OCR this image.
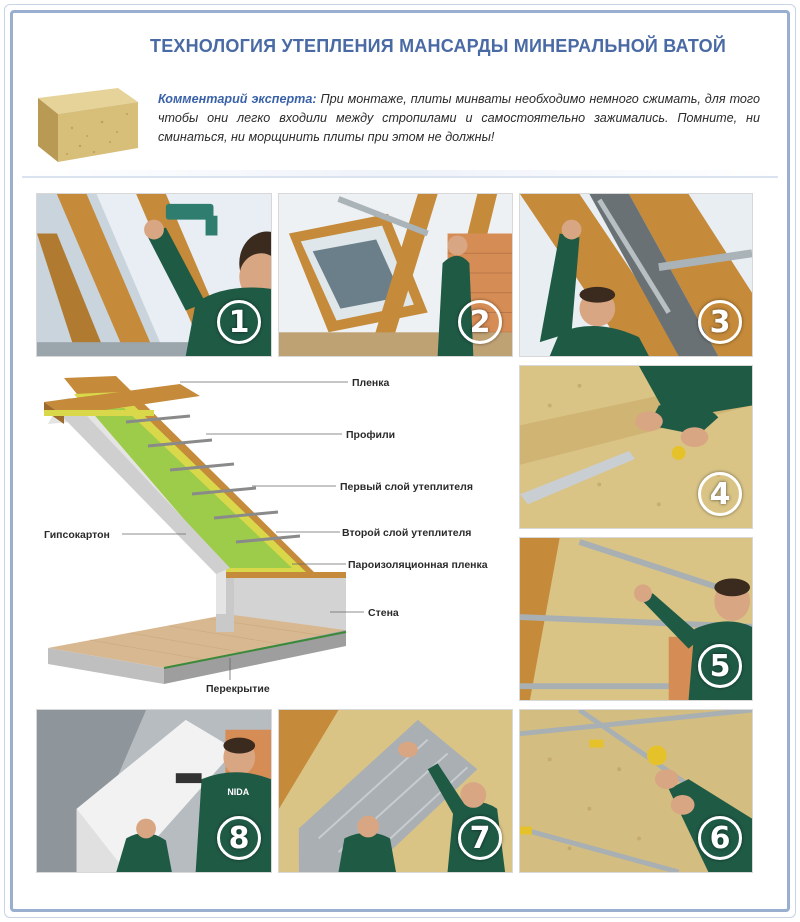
ТЕХНОЛОГИЯ УТЕПЛЕНИЯ МАНСАРДЫ МИНЕРАЛЬНОЙ ВАТОЙ
Комментарий эксперта: При монтаже, плиты минваты необходимо немного сжимать, для того чтобы они легко входили между стропилами и самостоятельно зажимались. Помните, ни сминаться, ни морщинить плиты при этом не должны!
1	2	3
Пленка
Профили
Первый слой утеплителя
Второй слой утеплителя
Пароизоляционная пленка
Стена
Гипсокартон
Перекрытие
4
5
NIDA
8	7	6
